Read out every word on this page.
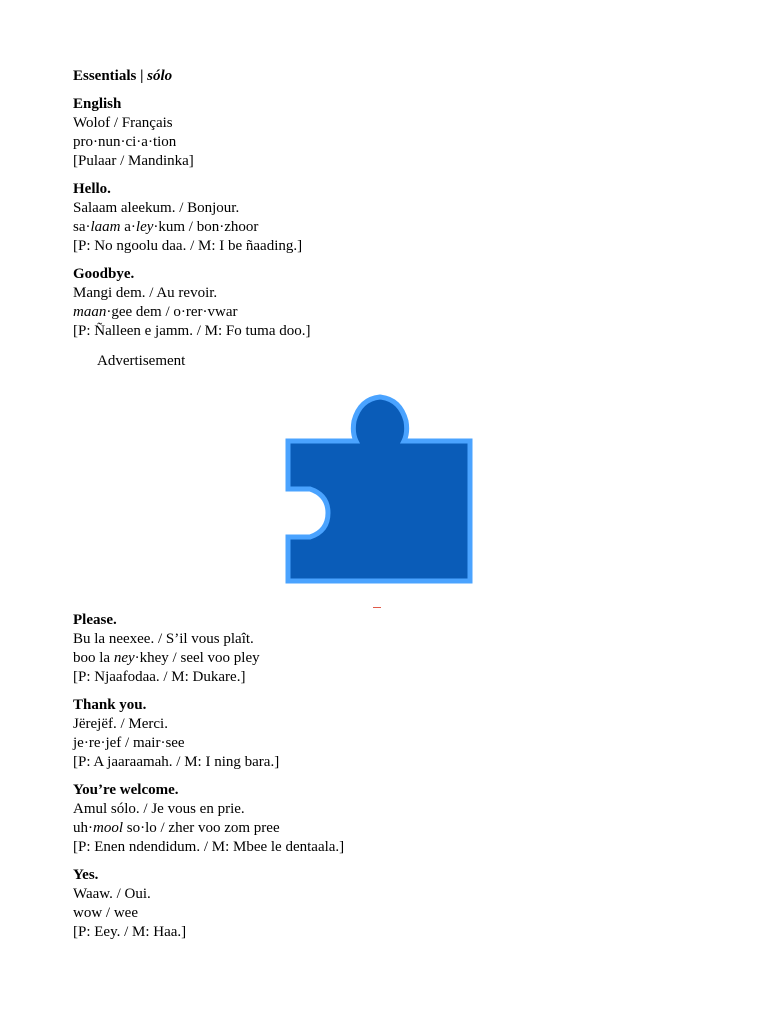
Essentials | sólo
English
Wolof / Français
pro·nun·ci·a·tion
[Pulaar / Mandinka]
Hello.
Salaam aleekum. / Bonjour.
sa·laam a·ley·kum / bon·zhoor
[P: No ngoolu daa. / M: I be ñaading.]
Goodbye.
Mangi dem. / Au revoir.
maan·gee dem / o·rer·vwar
[P: Ñalleen e jamm. / M: Fo tuma doo.]
Advertisement
Please.
Bu la neexee. / S’il vous plaît.
boo la ney·khey / seel voo pley
[P: Njaafodaa. / M: Dukare.]
Thank you.
Jërejëf. / Merci.
je·re·jef / mair·see
[P: A jaaraamah. / M: I ning bara.]
You’re welcome.
Amul sólo. / Je vous en prie.
uh·mool so·lo / zher voo zom pree
[P: Enen ndendidum. / M: Mbee le dentaala.]
Yes.
Waaw. / Oui.
wow / wee
[P: Eey. / M: Haa.]
